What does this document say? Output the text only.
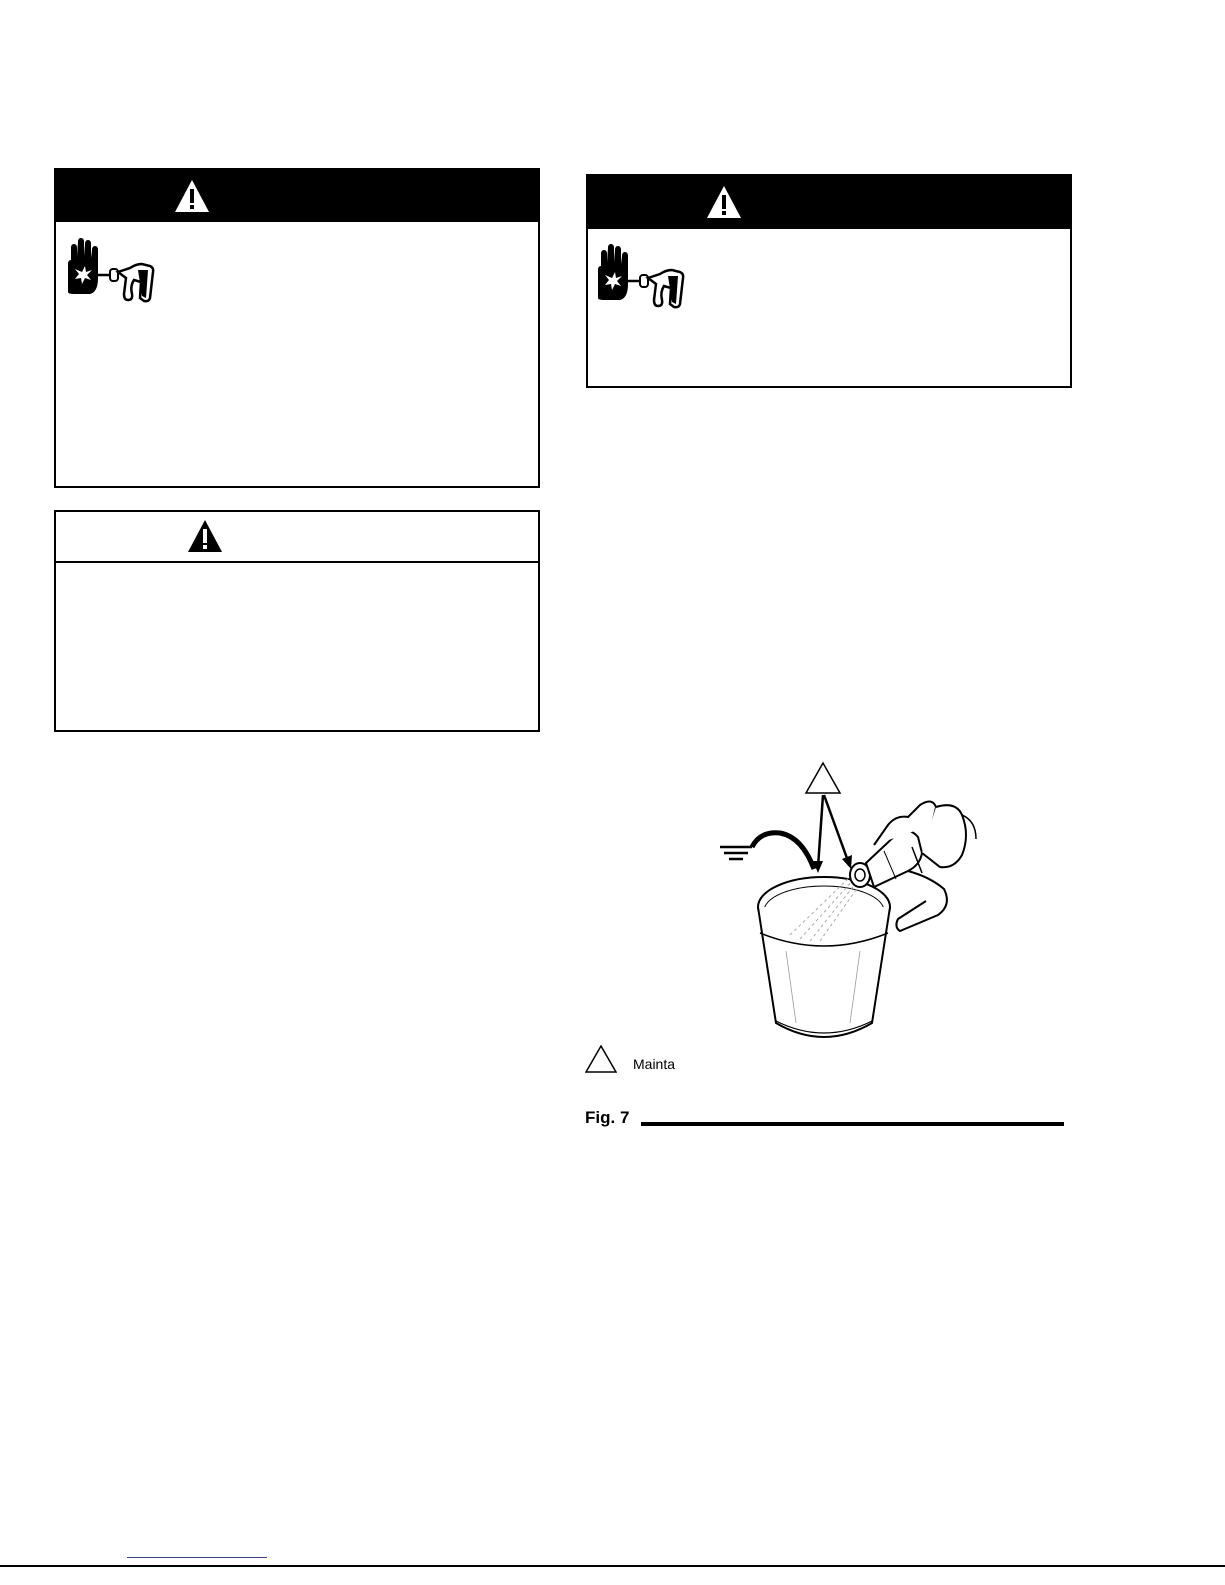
Mainta
Fig. 7
